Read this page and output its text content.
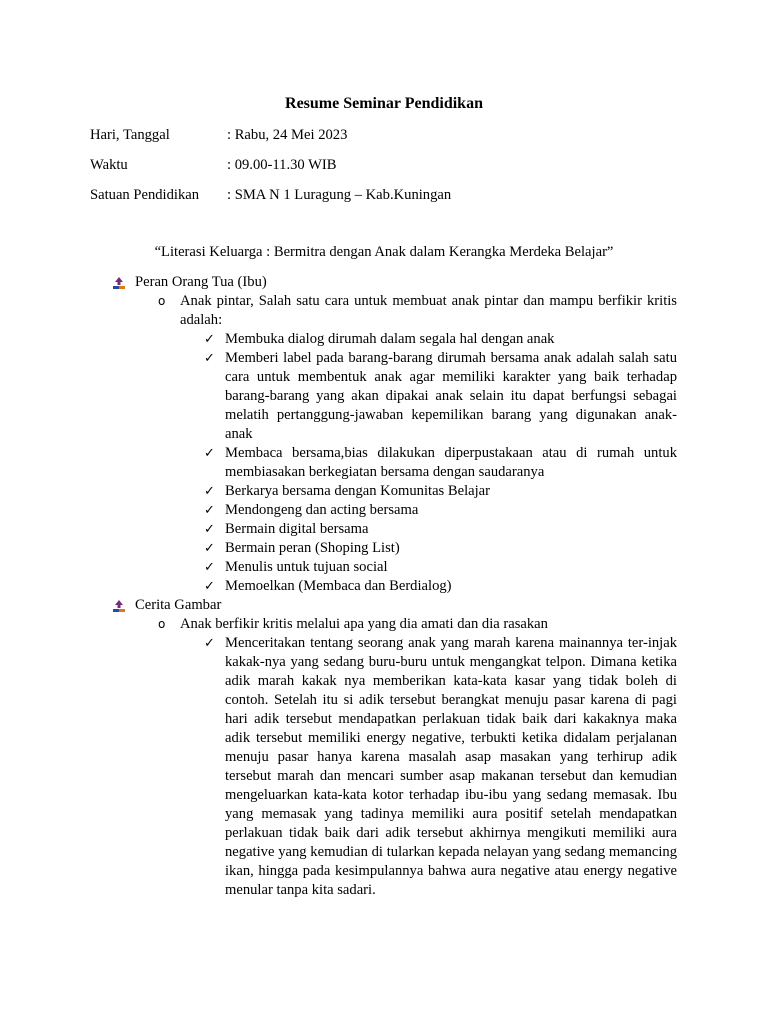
Resume Seminar Pendidikan
Hari, Tanggal	: Rabu, 24 Mei 2023
Waktu	: 09.00-11.30 WIB
Satuan Pendidikan : SMA N 1 Luragung – Kab.Kuningan
“Literasi Keluarga : Bermitra dengan Anak dalam Kerangka Merdeka Belajar”
Peran Orang Tua (Ibu)
o Anak pintar, Salah satu cara untuk membuat anak pintar dan mampu berfikir kritis adalah:
✓ Membuka dialog dirumah dalam segala hal dengan anak
✓ Memberi label pada barang-barang dirumah bersama anak adalah salah satu cara untuk membentuk anak agar memiliki karakter yang baik terhadap barang-barang yang akan dipakai anak selain itu dapat berfungsi sebagai melatih pertanggung-jawaban kepemilikan barang yang digunakan anak-anak
✓ Membaca bersama,bias dilakukan diperpustakaan atau di rumah untuk membiasakan berkegiatan bersama dengan saudaranya
✓ Berkarya bersama dengan Komunitas Belajar
✓ Mendongeng dan acting bersama
✓ Bermain digital bersama
✓ Bermain peran (Shoping List)
✓ Menulis untuk tujuan social
✓ Memoelkan (Membaca dan Berdialog)
Cerita Gambar
o Anak berfikir kritis melalui apa yang dia amati dan dia rasakan
✓ Menceritakan tentang seorang anak yang marah karena mainannya ter-injak kakak-nya yang sedang buru-buru untuk mengangkat telpon. Dimana ketika adik marah kakak nya memberikan kata-kata kasar yang tidak boleh di contoh. Setelah itu si adik tersebut berangkat menuju pasar karena di pagi hari adik tersebut mendapatkan perlakuan tidak baik dari kakaknya maka adik tersebut memiliki energy negative, terbukti ketika didalam perjalanan menuju pasar hanya karena masalah asap masakan yang terhirup adik tersebut marah dan mencari sumber asap makanan tersebut dan kemudian mengeluarkan kata-kata kotor terhadap ibu-ibu yang sedang memasak. Ibu yang memasak yang tadinya memiliki aura positif setelah mendapatkan perlakuan tidak baik dari adik tersebut akhirnya mengikuti memiliki aura negative yang kemudian di tularkan kepada nelayan yang sedang memancing ikan, hingga pada kesimpulannya bahwa aura negative atau energy negative menular tanpa kita sadari.
